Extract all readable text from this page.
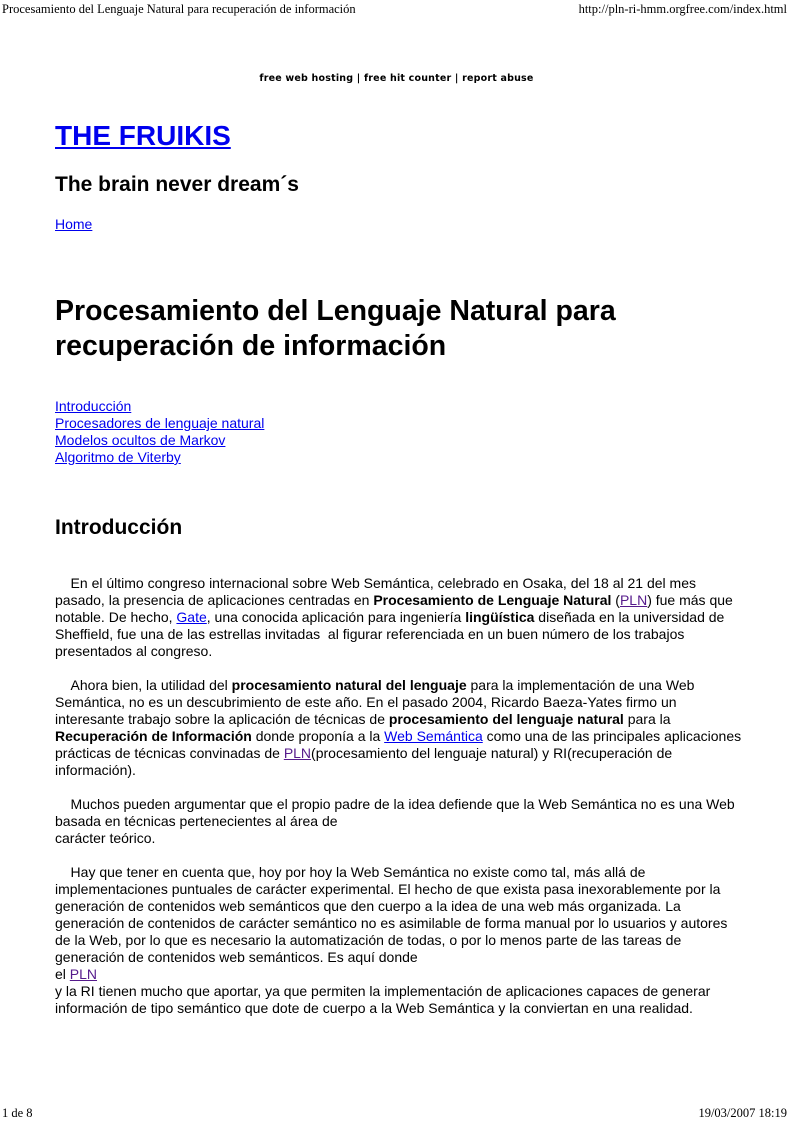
Procesamiento del Lenguaje Natural para recuperación de información	http://pln-ri-hmm.orgfree.com/index.html
free web hosting | free hit counter | report abuse
THE FRUIKIS
The brain never dream´s
Home
Procesamiento del Lenguaje Natural para recuperación de información
Introducción
Procesadores de lenguaje natural
Modelos ocultos de Markov
Algoritmo de Viterby
Introducción

En el último congreso internacional sobre Web Semántica, celebrado en Osaka, del 18 al 21 del mes pasado, la presencia de aplicaciones centradas en Procesamiento de Lenguaje Natural (PLN) fue más que notable. De hecho, Gate, una conocida aplicación para ingeniería lingüística diseñada en la universidad de Sheffield, fue una de las estrellas invitadas  al figurar referenciada en un buen número de los trabajos presentados al congreso.

Ahora bien, la utilidad del procesamiento natural del lenguaje para la implementación de una Web Semántica, no es un descubrimiento de este año. En el pasado 2004, Ricardo Baeza-Yates firmo un interesante trabajo sobre la aplicación de técnicas de procesamiento del lenguaje natural para la Recuperación de Información donde proponía a la Web Semántica como una de las principales aplicaciones prácticas de técnicas convinadas de PLN(procesamiento del lenguaje natural) y RI(recuperación de información).

Muchos pueden argumentar que el propio padre de la idea defiende que la Web Semántica no es una Web basada en técnicas pertenecientes al área de
carácter teórico.

Hay que tener en cuenta que, hoy por hoy la Web Semántica no existe como tal, más allá de implementaciones puntuales de carácter experimental. El hecho de que exista pasa inexorablemente por la generación de contenidos web semánticos que den cuerpo a la idea de una web más organizada. La generación de contenidos de carácter semántico no es asimilable de forma manual por lo usuarios y autores de la Web, por lo que es necesario la automatización de todas, o por lo menos parte de las tareas de generación de contenidos web semánticos. Es aquí donde
el PLN
y la RI tienen mucho que aportar, ya que permiten la implementación de aplicaciones capaces de generar información de tipo semántico que dote de cuerpo a la Web Semántica y la conviertan en una realidad.

1 de 8	19/03/2007 18:19
